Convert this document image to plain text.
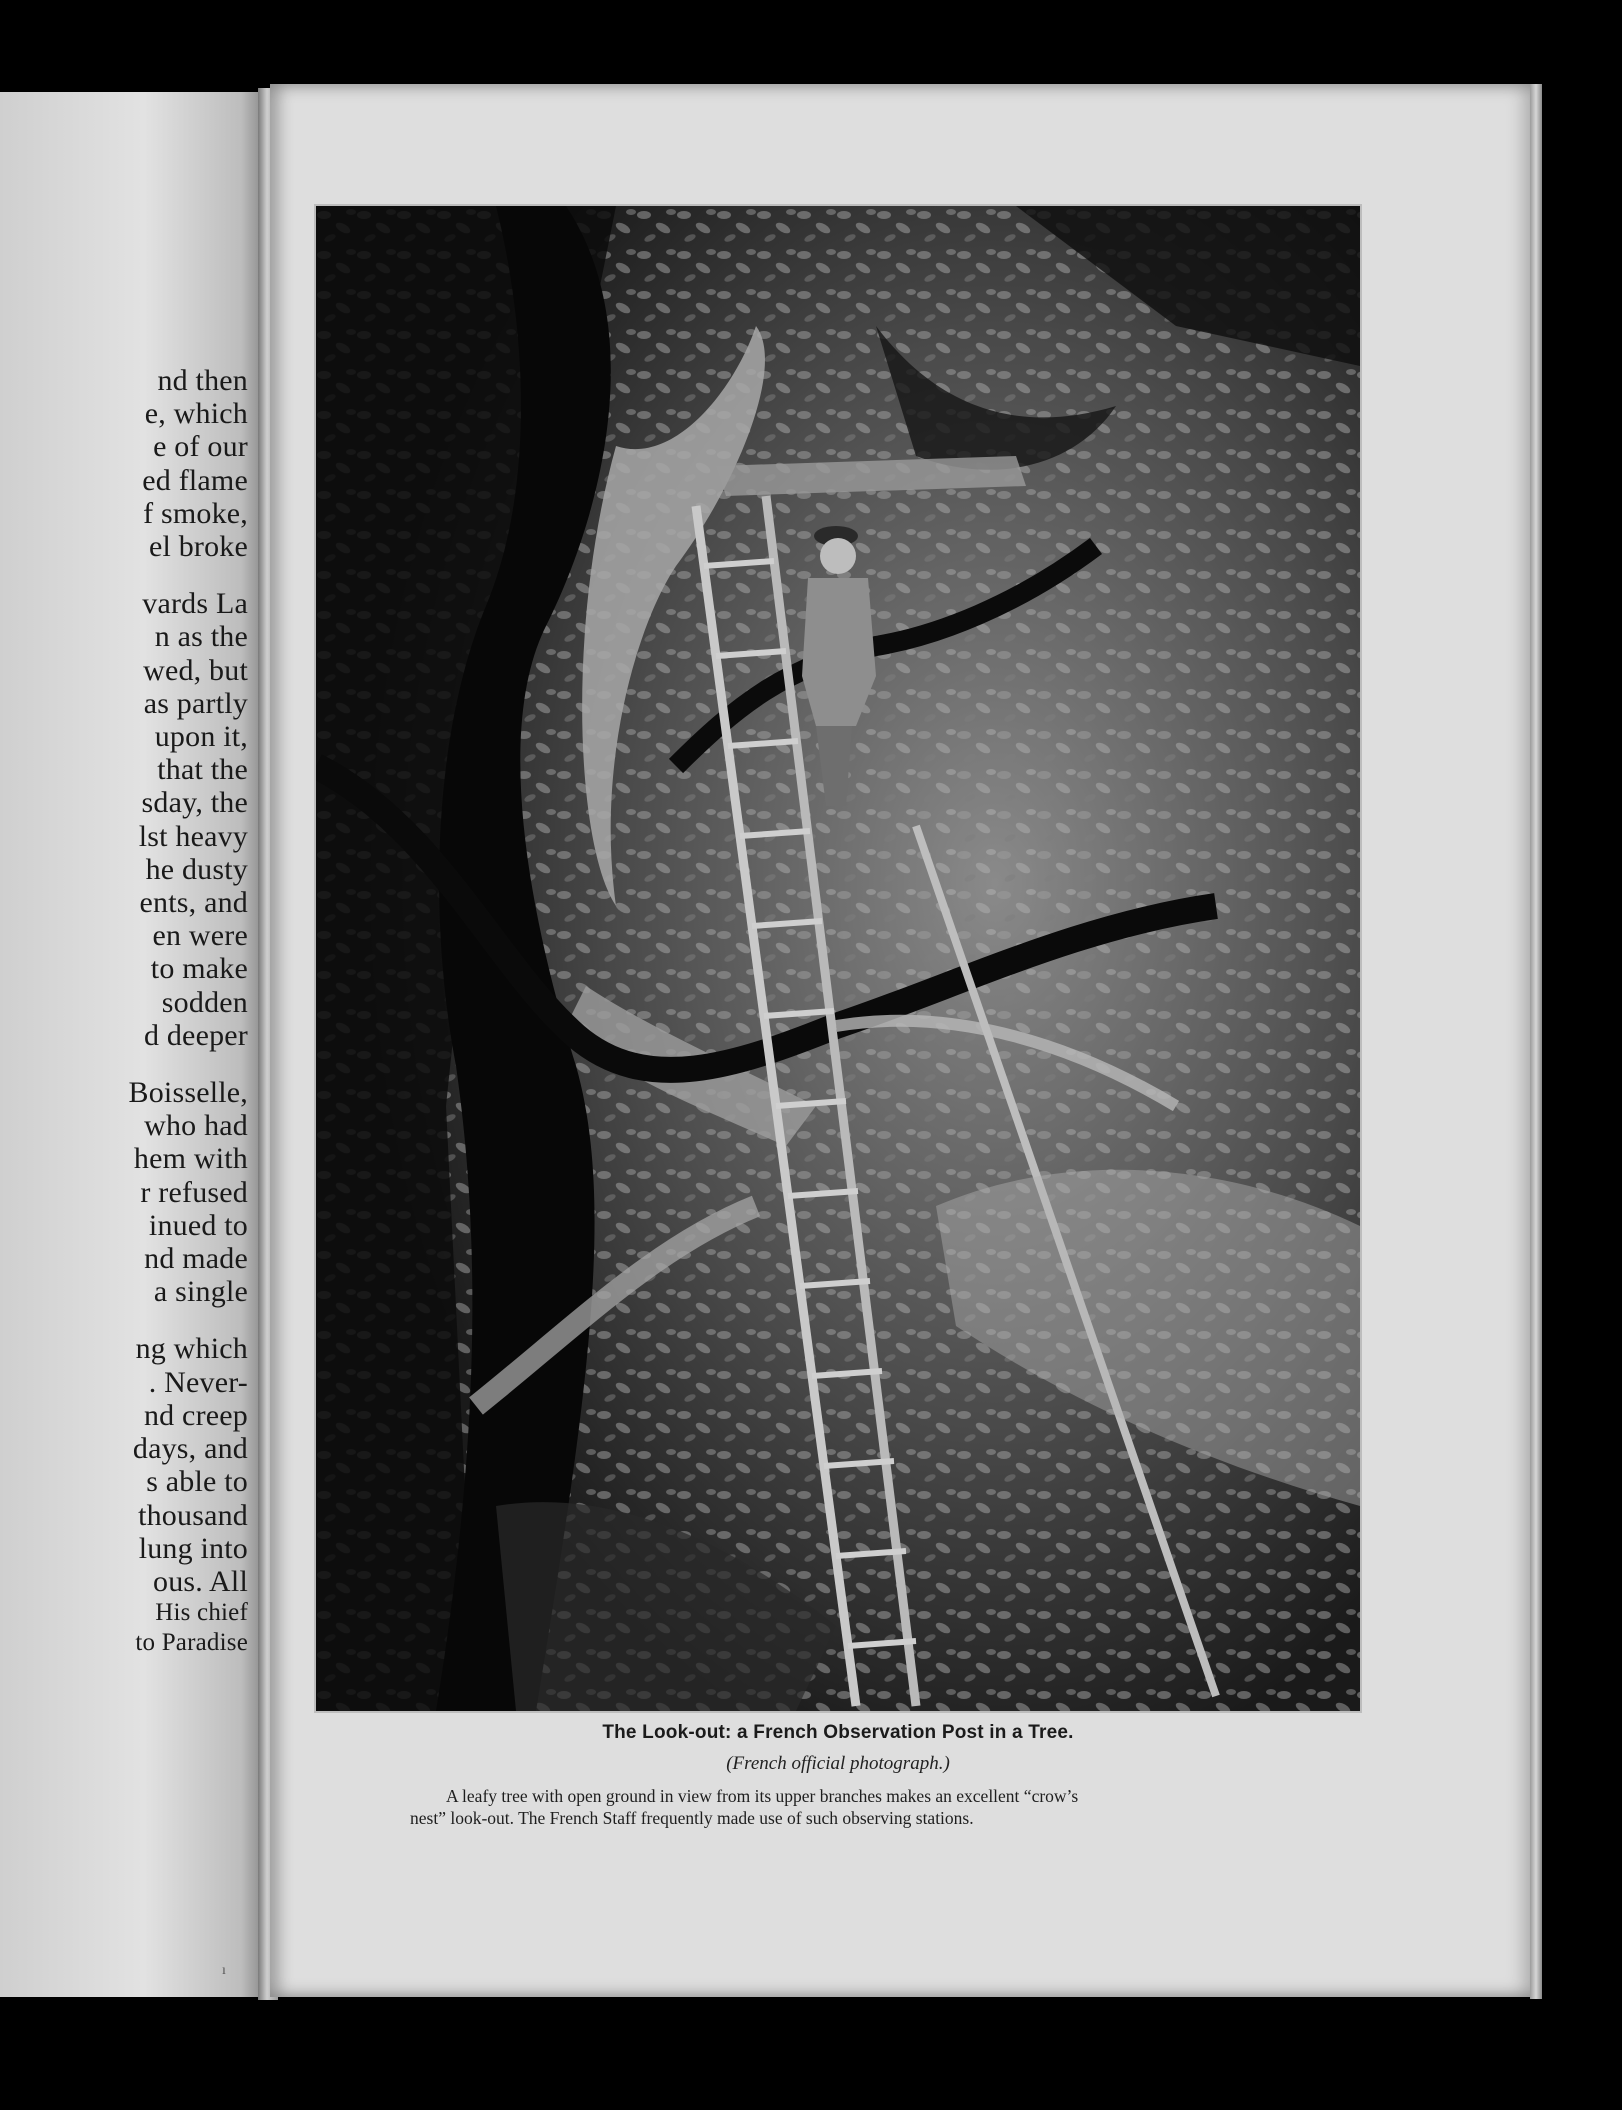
nd then
e, which
e of our
ed flame
f smoke,
el broke
vards La
n as the
wed, but
as partly
upon it,
that the
sday, the
lst heavy
he dusty
ents, and
en were
to make
sodden
d deeper
Boisselle,
who had
hem with
r refused
inued to
nd made
a single
ng which
. Never-
nd creep
days, and
s able to
thousand
lung into
ous. All
His chief
to Paradise
ı
The Look-out: a French Observation Post in a Tree.
(French official photograph.)
A leafy tree with open ground in view from its upper branches makes an excellent “crow’s
nest” look-out. The French Staff frequently made use of such observing stations.
